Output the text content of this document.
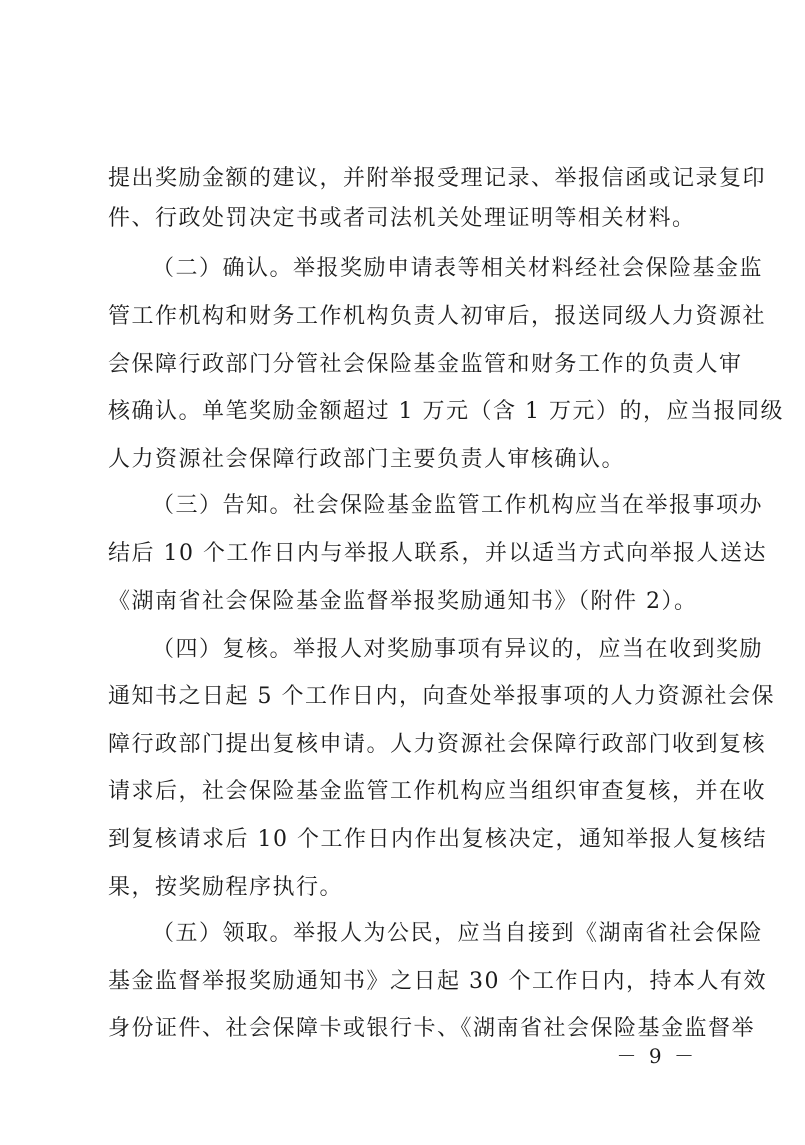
提出奖励金额的建议，并附举报受理记录、举报信函或记录复印
件、行政处罚决定书或者司法机关处理证明等相关材料。
（二）确认。举报奖励申请表等相关材料经社会保险基金监
管工作机构和财务工作机构负责人初审后，报送同级人力资源社
会保障行政部门分管社会保险基金监管和财务工作的负责人审
核确认。单笔奖励金额超过 1 万元（含 1 万元）的，应当报同级
人力资源社会保障行政部门主要负责人审核确认。
（三）告知。社会保险基金监管工作机构应当在举报事项办
结后 10 个工作日内与举报人联系，并以适当方式向举报人送达
《湖南省社会保险基金监督举报奖励通知书》（附件 2）。
（四）复核。举报人对奖励事项有异议的，应当在收到奖励
通知书之日起 5 个工作日内，向查处举报事项的人力资源社会保
障行政部门提出复核申请。人力资源社会保障行政部门收到复核
请求后，社会保险基金监管工作机构应当组织审查复核，并在收
到复核请求后 10 个工作日内作出复核决定，通知举报人复核结
果，按奖励程序执行。
（五）领取。举报人为公民，应当自接到《湖南省社会保险
基金监督举报奖励通知书》之日起 30 个工作日内，持本人有效
身份证件、社会保障卡或银行卡、《湖南省社会保险基金监督举
－ 9 －
